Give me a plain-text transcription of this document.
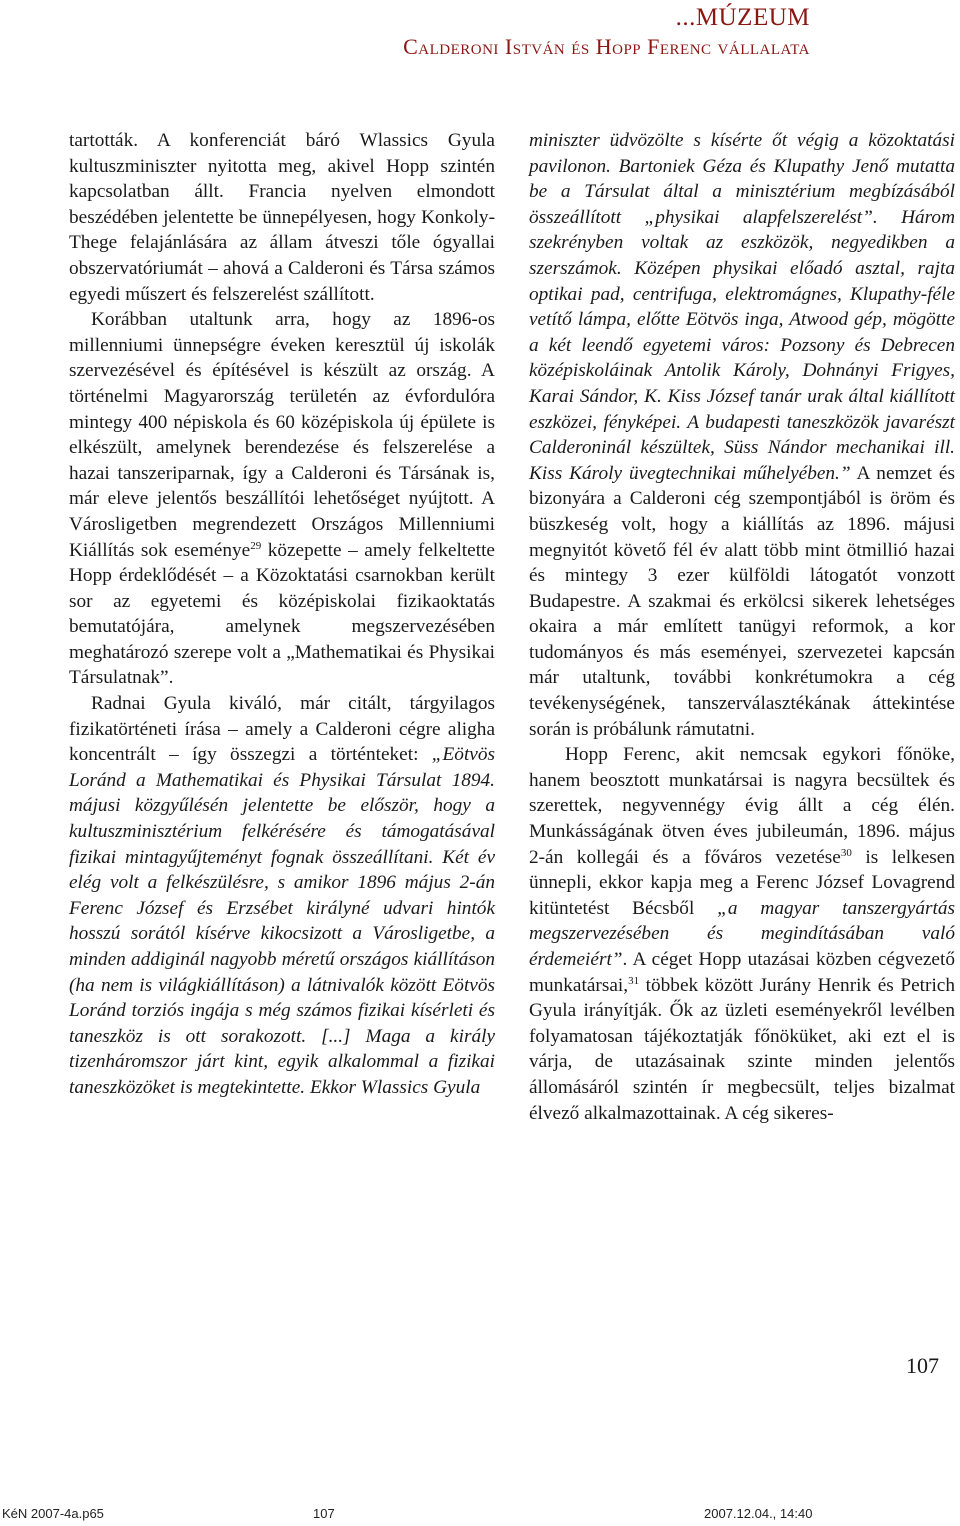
...MÚZEUM
Calderoni István és Hopp Ferenc vállalata

tartották. A konferenciát báró Wlassics Gyula kultuszminiszter nyitotta meg, akivel Hopp szintén kapcsolatban állt. Francia nyelven elmondott beszédében jelentette be ünnepélyesen, hogy Konkoly-Thege felajánlására az állam átveszi tőle ógyallai obszervatóriumát – ahová a Calderoni és Társa számos egyedi műszert és felszerelést szállított.

Korábban utaltunk arra, hogy az 1896-os millenniumi ünnepségre éveken keresztül új iskolák szervezésével és építésével is készült az ország. A történelmi Magyarország területén az évfordulóra mintegy 400 népiskola és 60 középiskola új épülete is elkészült, amelynek berendezése és felszerelése a hazai tanszeriparnak, így a Calderoni és Társának is, már eleve jelentős beszállítói lehetőséget nyújtott. A Városligetben megrendezett Országos Millenniumi Kiállítás sok eseménye$^{29}$ közepette – amely felkeltette Hopp érdeklődését – a Közoktatási csarnokban került sor az egyetemi és középiskolai fizikaoktatás bemutatójára, amelynek megszervezésében meghatározó szerepe volt a „Mathematikai és Physikai Társulatnak”.

Radnai Gyula kiváló, már citált, tárgyilagos fizikatörténeti írása – amely a Calderoni cégre aligha koncentrált – így összegzi a történteket: „Eötvös Loránd a Mathematikai és Physikai Társulat 1894. májusi közgyűlésén jelentette be először, hogy a kultuszminisztérium felkérésére és támogatásával fizikai mintagyűjteményt fognak összeállítani. Két év elég volt a felkészülésre, s amikor 1896 május 2-án Ferenc József és Erzsébet királyné udvari hintók hosszú sorától kísérve kikocsizott a Városligetbe, a minden addiginál nagyobb méretű országos kiállításon (ha nem is világkiállításon) a látnivalók között Eötvös Loránd torziós ingája s még számos fizikai kísérleti és taneszköz is ott sorakozott. [...] Maga a király tizenháromszor járt kint, egyik alkalommal a fizikai taneszközöket is megtekintette. Ekkor Wlassics Gyula

miniszter üdvözölte s kísérte őt végig a közoktatási pavilonon. Bartoniek Géza és Klupathy Jenő mutatta be a Társulat által a minisztérium megbízásából összeállított „physikai alapfelszerelést”. Három szekrényben voltak az eszközök, negyedikben a szerszámok. Középen physikai előadó asztal, rajta optikai pad, centrifuga, elektromágnes, Klupathy-féle vetítő lámpa, előtte Eötvös inga, Atwood gép, mögötte a két leendő egyetemi város: Pozsony és Debrecen középiskoláinak Antolik Károly, Dohnányi Frigyes, Karai Sándor, K. Kiss József tanár urak által kiállított eszközei, fényképei. A budapesti taneszközök javarészt Calderoninál készültek, Süss Nándor mechanikai ill. Kiss Károly üvegtechnikai műhelyében.” A nemzet és bizonyára a Calderoni cég szempontjából is öröm és büszkeség volt, hogy a kiállítás az 1896. májusi megnyitót követő fél év alatt több mint ötmillió hazai és mintegy 3 ezer külföldi látogatót vonzott Budapestre. A szakmai és erkölcsi sikerek lehetséges okaira a már említett tanügyi reformok, a kor tudományos és más eseményei, szervezetei kapcsán már utaltunk, további konkrétumokra a cég tevékenységének, tanszerválasztékának áttekintése során is próbálunk rámutatni.

Hopp Ferenc, akit nemcsak egykori főnöke, hanem beosztott munkatársai is nagyra becsültek és szerettek, negyvennégy évig állt a cég élén. Munkásságának ötven éves jubileumán, 1896. május 2-án kollegái és a főváros vezetése$^{30}$ is lelkesen ünnepli, ekkor kapja meg a Ferenc József Lovagrend kitüntetést Bécsből „a magyar tanszergyártás megszervezésében és megindításában való érdemeiért”. A céget Hopp utazásai közben cégvezető munkatársai,$^{31}$ többek között Jurány Henrik és Petrich Gyula irányítják. Ők az üzleti eseményekről levélben folyamatosan tájékoztatják főnöküket, aki ezt el is várja, de utazásainak szinte minden jelentős állomásáról szintén ír megbecsült, teljes bizalmat élvező alkalmazottainak. A cég sikeres-

107
KéN 2007-4a.p65	107	2007.12.04., 14:40
